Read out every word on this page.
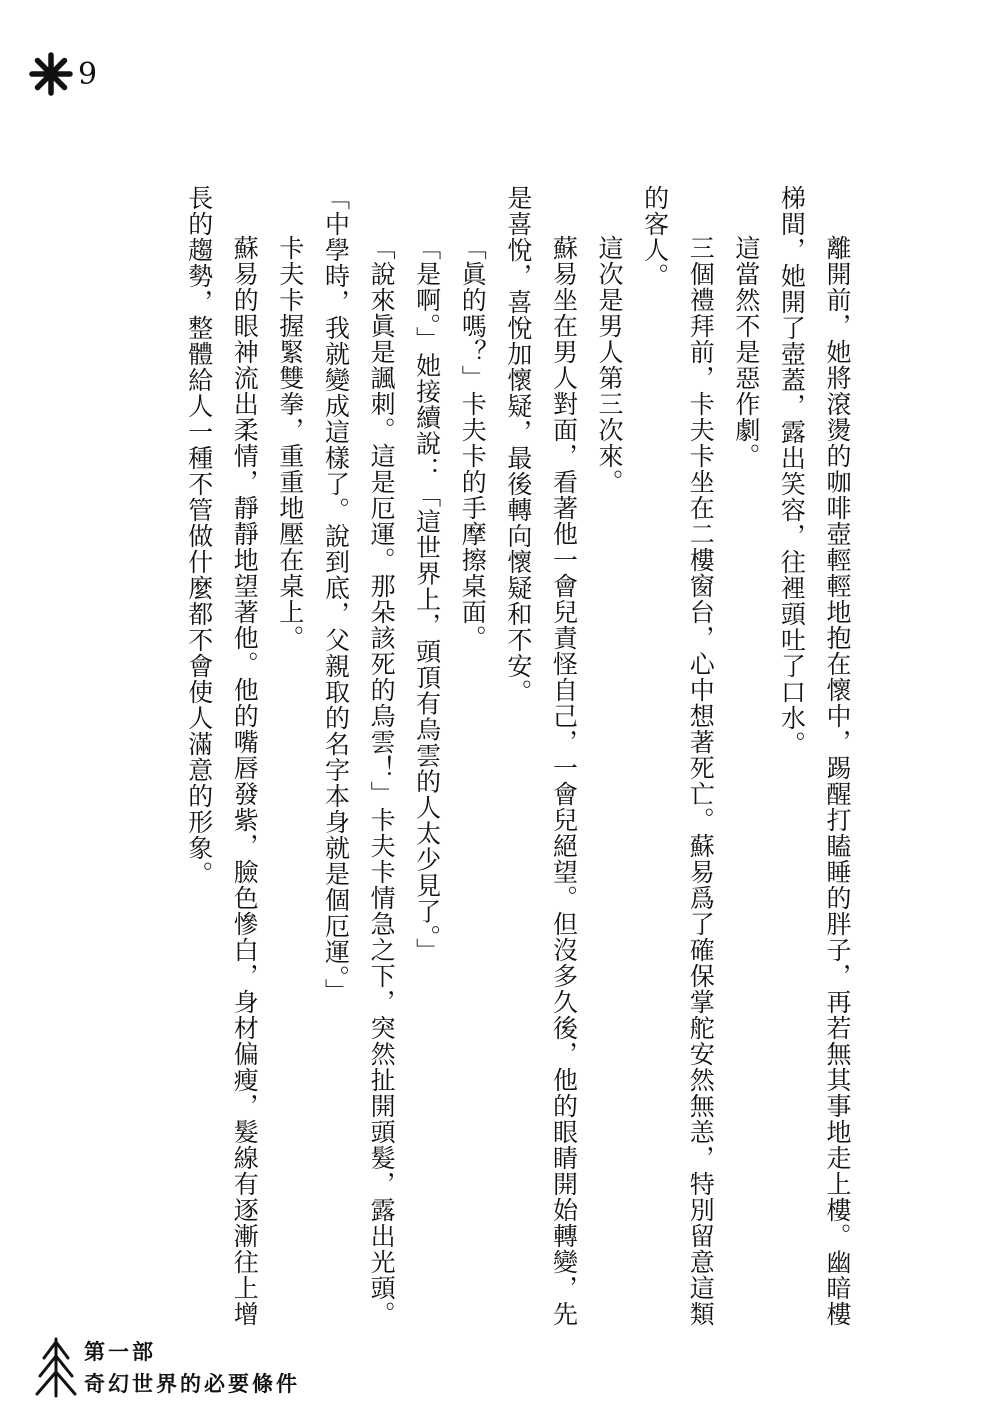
9

離開前，她將滾燙的咖啡壺輕輕地抱在懷中，踢醒打瞌睡的胖子，再若無其事地走上樓。幽暗樓梯間，她開了壺蓋，露出笑容，往裡頭吐了口水。

這當然不是惡作劇。

三個禮拜前，卡夫卡坐在二樓窗台，心中想著死亡。蘇易爲了確保掌舵安然無恙，特別留意這類的客人。

這次是男人第三次來。

蘇易坐在男人對面，看著他一會兒責怪自己，一會兒絕望。但沒多久後，他的眼睛開始轉變，先是喜悅，喜悅加懷疑，最後轉向懷疑和不安。

「眞的嗎？」卡夫卡的手摩擦桌面。

「是啊。」她接續說：「這世界上，頭頂有烏雲的人太少見了。」

「說來眞是諷刺。這是厄運。那朵該死的烏雲！」卡夫卡情急之下，突然扯開頭髮，露出光頭。「中學時，我就變成這樣了。說到底，父親取的名字本身就是個厄運。」

卡夫卡握緊雙拳，重重地壓在桌上。

蘇易的眼神流出柔情，靜靜地望著他。他的嘴唇發紫，臉色慘白，身材偏瘦，髮線有逐漸往上增長的趨勢，整體給人一種不管做什麼都不會使人滿意的形象。

第一部
奇幻世界的必要條件
